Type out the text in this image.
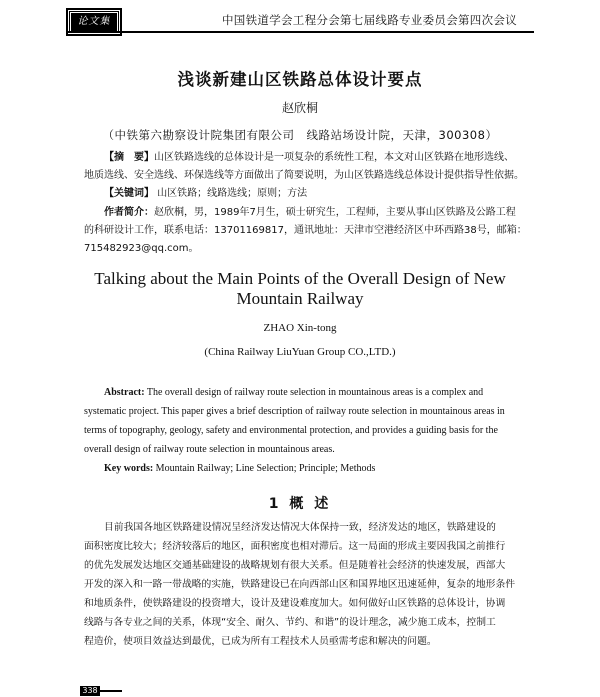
论文集	中国铁道学会工程分会第七届线路专业委员会第四次会议
浅谈新建山区铁路总体设计要点
赵欣桐
（中铁第六勘察设计院集团有限公司　线路站场设计院，天津，300308）
【摘　要】山区铁路选线的总体设计是一项复杂的系统性工程，本文对山区铁路在地形选线、
地质选线、安全选线、环保选线等方面做出了简要说明，为山区铁路选线总体设计提供指导性依据。
【关键词】 山区铁路；线路选线；原则；方法
作者简介：赵欣桐，男，1989年7月生，硕士研究生，工程师，主要从事山区铁路及公路工程
的科研设计工作，联系电话：13701169817，通讯地址：天津市空港经济区中环西路38号，邮箱：
715482923@qq.com。
Talking about the Main Points of the Overall Design of New
Mountain Railway
ZHAO Xin-tong
(China Railway LiuYuan Group CO.,LTD.)
Abstract: The overall design of railway route selection in mountainous areas is a complex and
systematic project. This paper gives a brief description of railway route selection in mountainous areas in
terms of topography, geology, safety and environmental protection, and provides a guiding basis for the
overall design of railway route selection in mountainous areas.
Key words: Mountain Railway; Line Selection; Principle; Methods
1 概 述
目前我国各地区铁路建设情况呈经济发达情况大体保持一致，经济发达的地区，铁路建设的
面积密度比较大；经济较落后的地区，面积密度也相对滞后。这一局面的形成主要因我国之前推行
的优先发展发达地区交通基础建设的战略规划有很大关系。但是随着社会经济的快速发展，西部大
开发的深入和一路一带战略的实施，铁路建设已在向西部山区和国界地区迅速延伸，复杂的地形条件
和地质条件，使铁路建设的投资增大，设计及建设难度加大。如何做好山区铁路的总体设计，协调
线路与各专业之间的关系，体现“安全、耐久、节约、和谐”的设计理念，减少施工成本，控制工
程造价，使项目效益达到最优，已成为所有工程技术人员亟需考虑和解决的问题。
338
